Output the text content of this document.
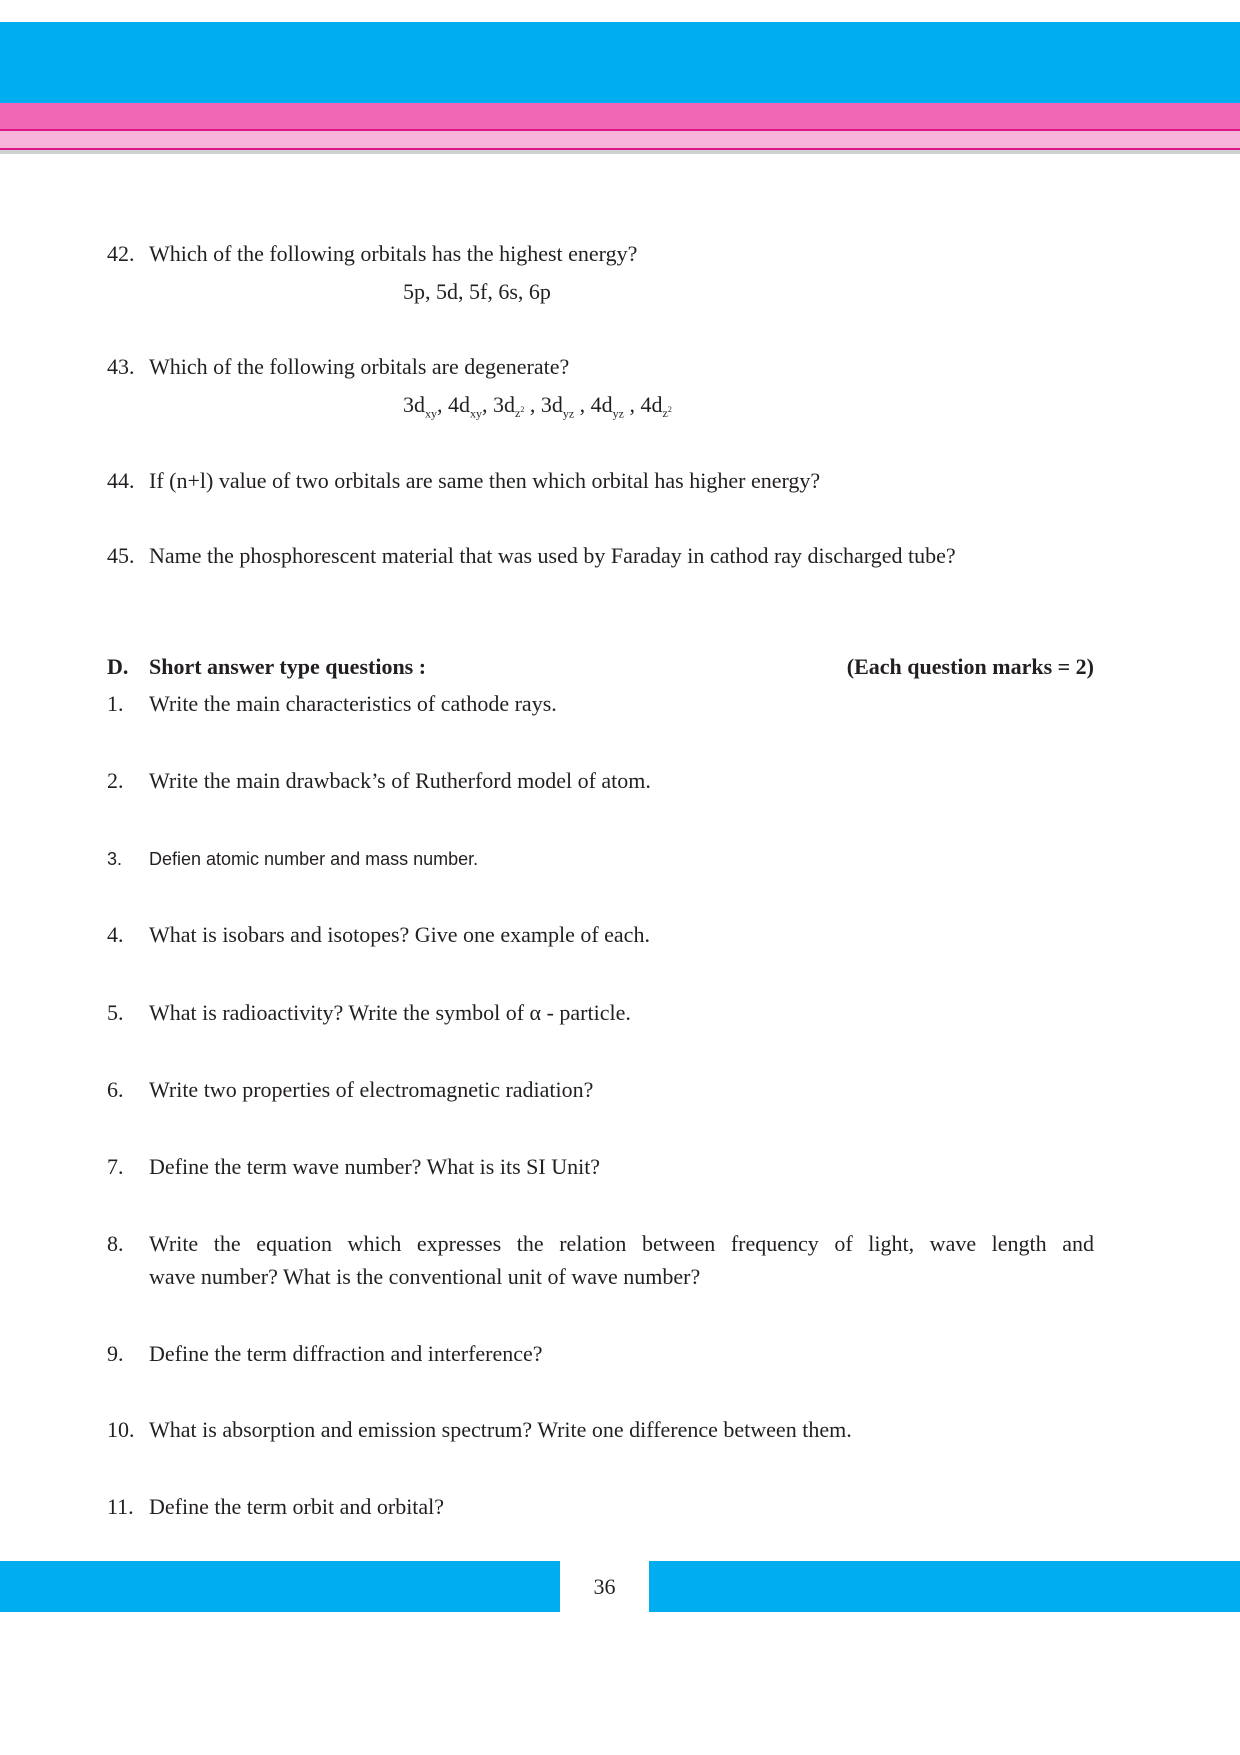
42. Which of the following orbitals has the highest energy?
5p, 5d, 5f, 6s, 6p
43. Which of the following orbitals are degenerate?
$3d_{xy}$, $4d_{xy}$, $3d_{z^2}$ , $3d_{yz}$ , $4d_{yz}$ , $4d_{z^2}$
44. If (n+l) value of two orbitals are same then which orbital has higher energy?
45. Name the phosphorescent material that was used by Faraday in cathod ray discharged tube?
D. Short answer type questions :	(Each question marks = 2)
1. Write the main characteristics of cathode rays.
2. Write the main drawback’s of Rutherford model of atom.
3. Defien atomic number and mass number.
4. What is isobars and isotopes? Give one example of each.
5. What is radioactivity? Write the symbol of α - particle.
6. Write two properties of electromagnetic radiation?
7. Define the term wave number? What is its SI Unit?
8. Write the equation which expresses the relation between frequency of light, wave length and
wave number? What is the conventional unit of wave number?
9. Define the term diffraction and interference?
10. What is absorption and emission spectrum? Write one difference between them.
11. Define the term orbit and orbital?
36
